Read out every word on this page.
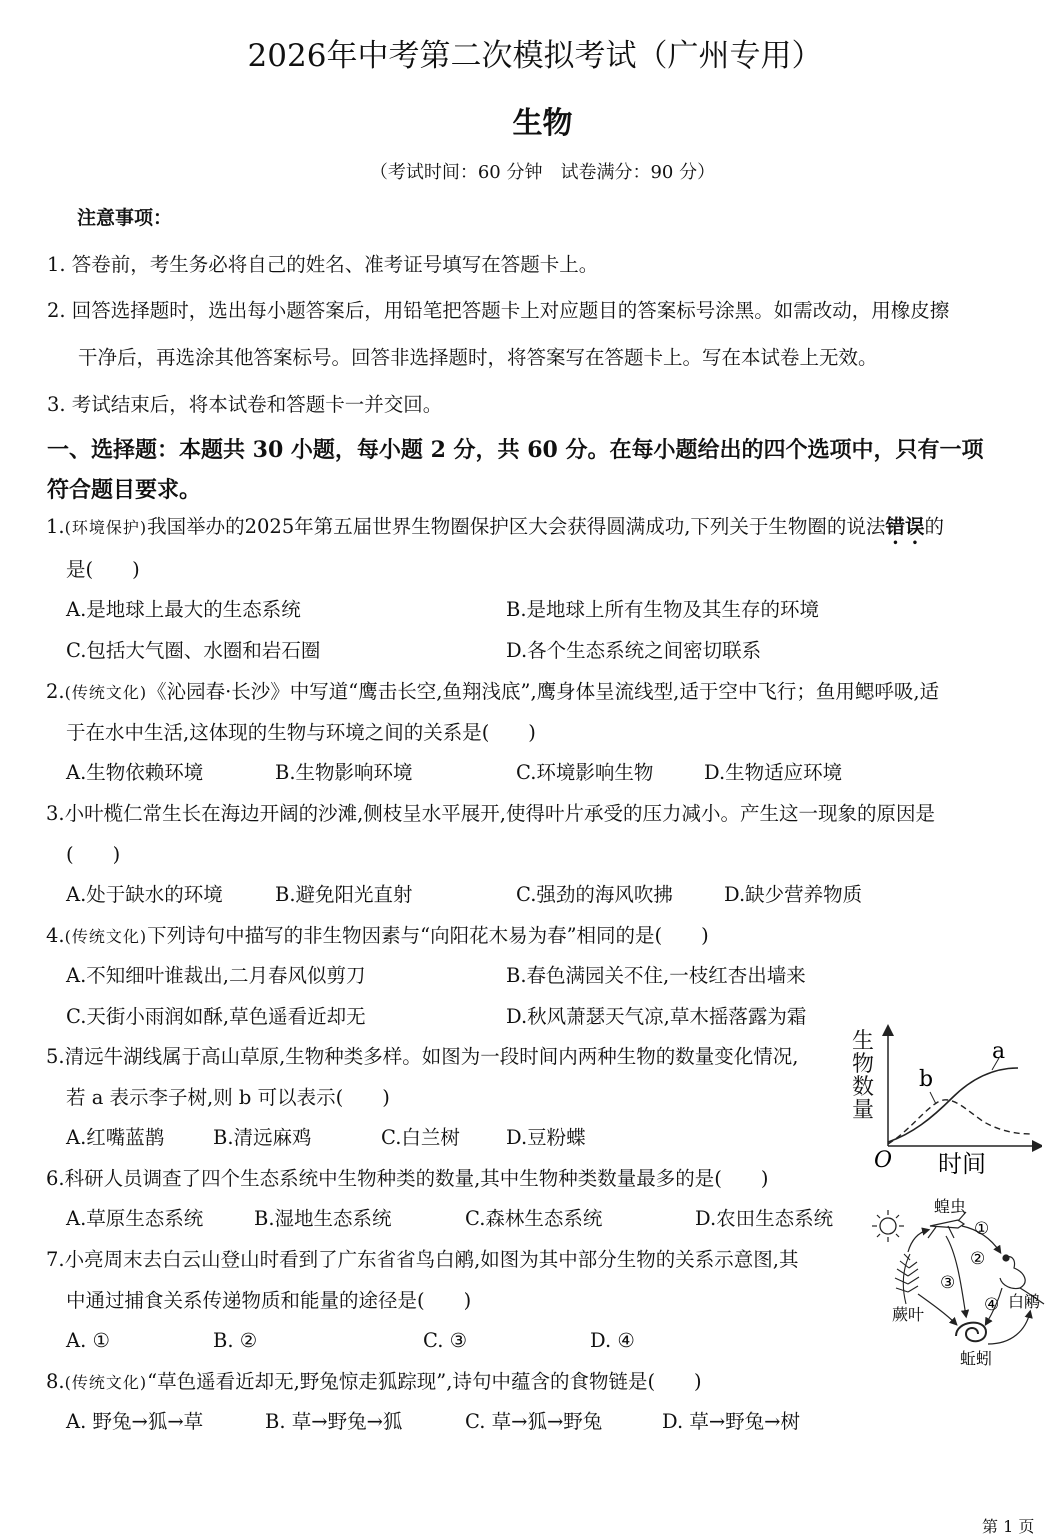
2026年中考第二次模拟考试（广州专用）
生物
（考试时间：60 分钟　试卷满分：90 分）
注意事项：
1. 答卷前，考生务必将自己的姓名、准考证号填写在答题卡上。
2. 回答选择题时，选出每小题答案后，用铅笔把答题卡上对应题目的答案标号涂黑。如需改动，用橡皮擦
干净后，再选涂其他答案标号。回答非选择题时，将答案写在答题卡上。写在本试卷上无效。
3. 考试结束后，将本试卷和答题卡一并交回。
一、选择题：本题共 30 小题，每小题 2 分，共 60 分。在每小题给出的四个选项中，只有一项
符合题目要求。
1.(环境保护)我国举办的2025年第五届世界生物圈保护区大会获得圆满成功,下列关于生物圈的说法错误的
是(　　)
A.是地球上最大的生态系统	B.是地球上所有生物及其生存的环境
C.包括大气圈、水圈和岩石圈	D.各个生态系统之间密切联系
2.(传统文化)《沁园春·长沙》中写道“鹰击长空,鱼翔浅底”,鹰身体呈流线型,适于空中飞行；鱼用鳃呼吸,适
于在水中生活,这体现的生物与环境之间的关系是(　　)
A.生物依赖环境	B.生物影响环境	C.环境影响生物	D.生物适应环境
3.小叶榄仁常生长在海边开阔的沙滩,侧枝呈水平展开,使得叶片承受的压力减小。产生这一现象的原因是
(　　)
A.处于缺水的环境	B.避免阳光直射	C.强劲的海风吹拂	D.缺少营养物质
4.(传统文化)下列诗句中描写的非生物因素与“向阳花木易为春”相同的是(　　)
A.不知细叶谁裁出,二月春风似剪刀	B.春色满园关不住,一枝红杏出墙来
C.天街小雨润如酥,草色遥看近却无	D.秋风萧瑟天气凉,草木摇落露为霜
5.清远牛湖线属于高山草原,生物种类多样。如图为一段时间内两种生物的数量变化情况,
若 a 表示李子树,则 b 可以表示(　　)
A.红嘴蓝鹊 B.清远麻鸡	C.白兰树 D.豆粉蝶
O 时间
a
b
生物数量
6.科研人员调查了四个生态系统中生物种类的数量,其中生物种类数量最多的是(　　)
A.草原生态系统	B.湿地生态系统	C.森林生态系统	D.农田生态系统
7.小亮周末去白云山登山时看到了广东省省鸟白鹇,如图为其中部分生物的关系示意图,其
中通过捕食关系传递物质和能量的途径是(　　)
A. ①	B. ②	C. ③	D. ④
蝗虫
蕨叶
白鹇
蚯蚓
①
②
③
④
8.(传统文化)“草色遥看近却无,野兔惊走狐踪现”,诗句中蕴含的食物链是(　　)
A. 野兔→狐→草	B. 草→野兔→狐	C. 草→狐→野兔	D. 草→野兔→树
第 1 页
